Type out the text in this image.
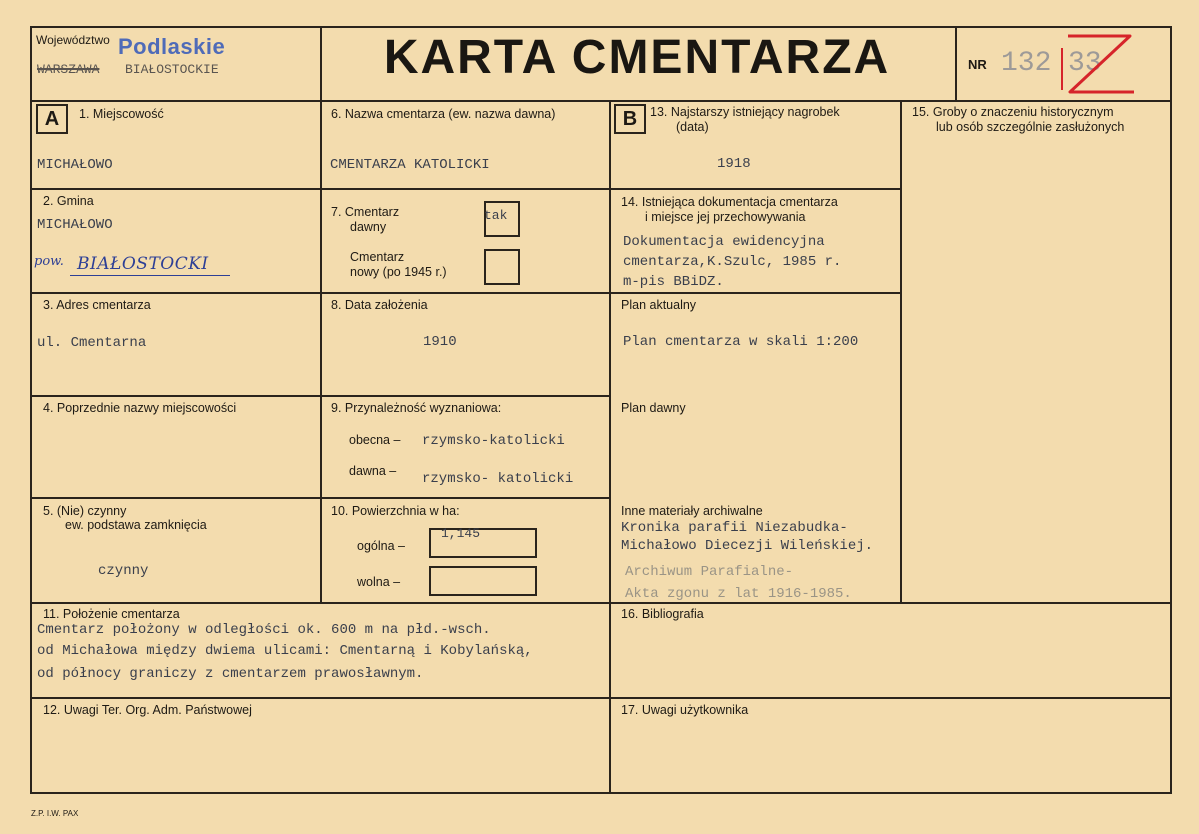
Województwo Podlaskie
WARSZAWA BIAŁOSTOCKIE	KARTA CMENTARZA	NR 132 33
A	1. Miejscowość
MICHAŁOWO
2. Gmina
MICHAŁOWO
pow. BIAŁOSTOCKI
3. Adres cmentarza
ul. Cmentarna
4. Poprzednie nazwy miejscowości
5. (Nie) czynny
ew. podstawa zamknięcia
czynny
6. Nazwa cmentarza (ew. nazwa dawna)
CMENTARZA KATOLICKI
7. Cmentarz
dawny
tak
Cmentarz
nowy (po 1945 r.)
8. Data założenia
1910
9. Przynależność wyznaniowa:
obecna – rzymsko-katolicki
dawna – rzymsko- katolicki
10. Powierzchnia w ha:
ogólna –
1,145
wolna –
B	13. Najstarszy istniejący nagrobek
(data)
1918
14. Istniejąca dokumentacja cmentarza
i miejsce jej przechowywania
Dokumentacja ewidencyjna
cmentarza,K.Szulc, 1985 r.
m-pis BBiDZ.
Plan aktualny
Plan cmentarza w skali 1:200
Plan dawny
Inne materiały archiwalne
Kronika parafii Niezabudka-
Michałowo Diecezji Wileńskiej.
Archiwum Parafialne-
Akta zgonu z lat 1916-1985.
15. Groby o znaczeniu historycznym
lub osób szczególnie zasłużonych
11. Położenie cmentarza
Cmentarz położony w odległości ok. 600 m na płd.-wsch.
od Michałowa między dwiema ulicami: Cmentarną i Kobylańską,
od północy graniczy z cmentarzem prawosławnym.
16. Bibliografia
12. Uwagi Ter. Org. Adm. Państwowej	17. Uwagi użytkownika
Z.P. I.W. PAX
